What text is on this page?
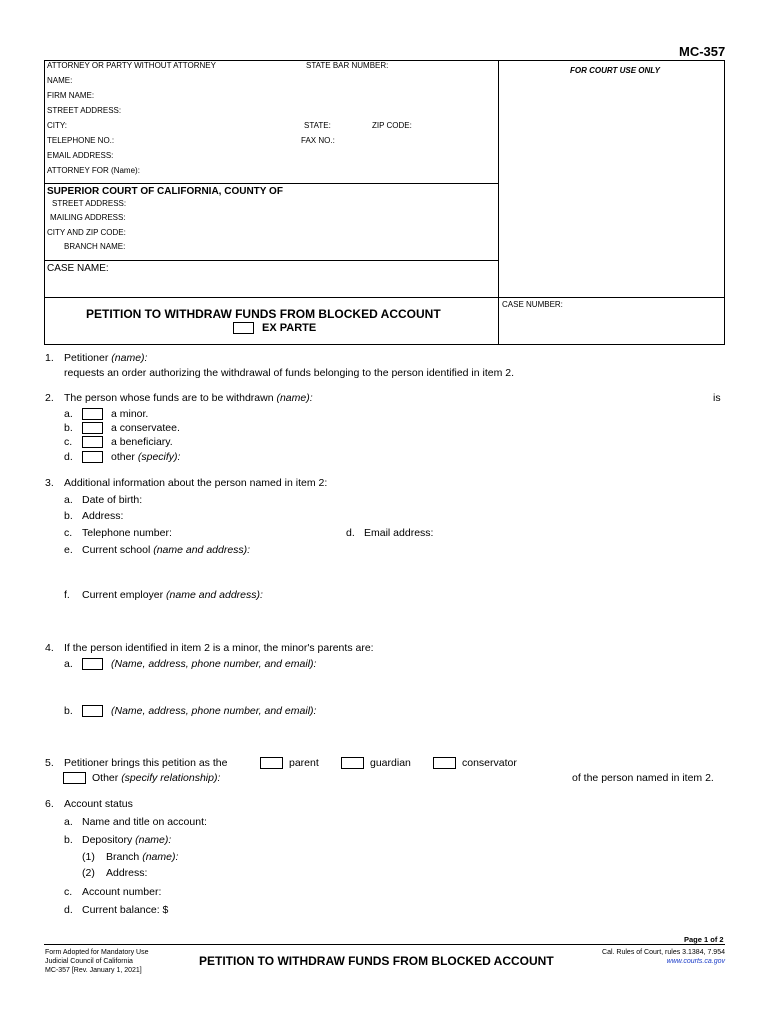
MC-357
ATTORNEY OR PARTY WITHOUT ATTORNEY	STATE BAR NUMBER:
FOR COURT USE ONLY
NAME:
FIRM NAME:
STREET ADDRESS:
CITY:	STATE:	ZIP CODE:
TELEPHONE NO.:	FAX NO.:
EMAIL ADDRESS:
ATTORNEY FOR (Name):
SUPERIOR COURT OF CALIFORNIA, COUNTY OF
STREET ADDRESS:
MAILING ADDRESS:
CITY AND ZIP CODE:
BRANCH NAME:
CASE NAME:
CASE NUMBER:
PETITION TO WITHDRAW FUNDS FROM BLOCKED ACCOUNT
EX PARTE
1. Petitioner (name):
requests an order authorizing the withdrawal of funds belonging to the person identified in item 2.
2. The person whose funds are to be withdrawn (name):	is
a.	a minor.
b.	a conservatee.
c.	a beneficiary.
d.	other (specify):
3. Additional information about the person named in item 2:
a. Date of birth:
b. Address:
c. Telephone number:	d. Email address:
e. Current school (name and address):
f. Current employer (name and address):
4. If the person identified in item 2 is a minor, the minor's parents are:
a.	(Name, address, phone number, and email):
b.	(Name, address, phone number, and email):
5. Petitioner brings this petition as the	parent	guardian	conservator
Other (specify relationship):	of the person named in item 2.
6. Account status
a. Name and title on account:
b. Depository (name):
(1) Branch (name):
(2) Address:
c. Account number:
d. Current balance: $
Page 1 of 2
Form Adopted for Mandatory Use
Judicial Council of California
MC-357 [Rev. January 1, 2021]
PETITION TO WITHDRAW FUNDS FROM BLOCKED ACCOUNT
Cal. Rules of Court, rules 3.1384, 7.954
www.courts.ca.gov
